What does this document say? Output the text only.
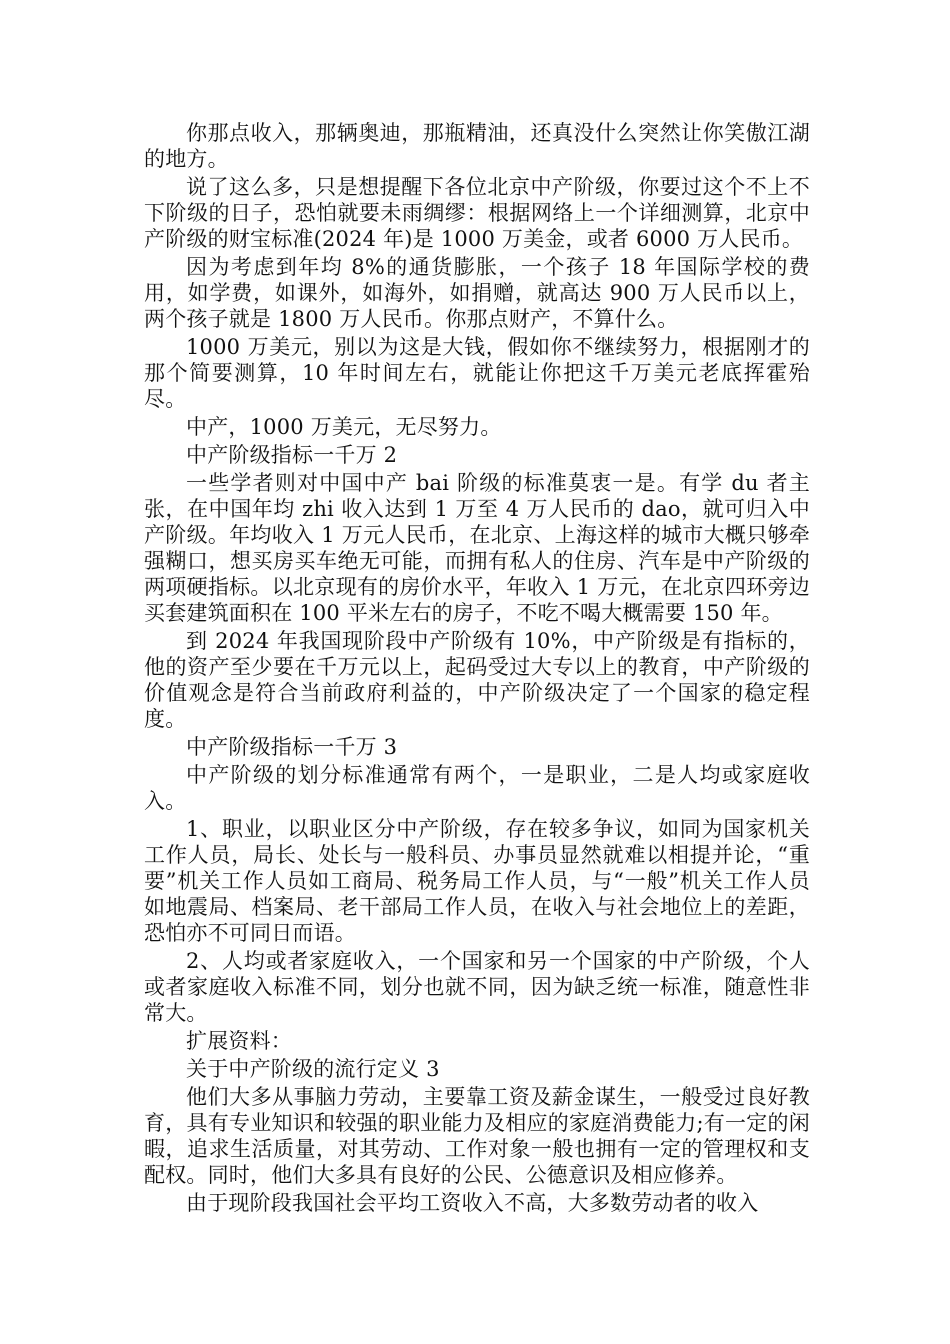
你那点收入，那辆奥迪，那瓶精油，还真没什么突然让你笑傲江湖的地方。

说了这么多，只是想提醒下各位北京中产阶级，你要过这个不上不下阶级的日子，恐怕就要未雨绸缪：根据网络上一个详细测算，北京中产阶级的财宝标准(2024 年)是 1000 万美金，或者 6000 万人民币。

因为考虑到年均 8%的通货膨胀，一个孩子 18 年国际学校的费用，如学费，如课外，如海外，如捐赠，就高达 900 万人民币以上，两个孩子就是 1800 万人民币。你那点财产，不算什么。

1000 万美元，别以为这是大钱，假如你不继续努力，根据刚才的那个简要测算，10 年时间左右，就能让你把这千万美元老底挥霍殆尽。

中产，1000 万美元，无尽努力。

中产阶级指标一千万 2

一些学者则对中国中产 bai 阶级的标准莫衷一是。有学 du 者主张，在中国年均 zhi 收入达到 1 万至 4 万人民币的 dao，就可归入中产阶级。年均收入 1 万元人民币，在北京、上海这样的城市大概只够牵强糊口，想买房买车绝无可能，而拥有私人的住房、汽车是中产阶级的两项硬指标。以北京现有的房价水平，年收入 1 万元，在北京四环旁边买套建筑面积在 100 平米左右的房子，不吃不喝大概需要 150 年。

到 2024 年我国现阶段中产阶级有 10%，中产阶级是有指标的，他的资产至少要在千万元以上，起码受过大专以上的教育，中产阶级的价值观念是符合当前政府利益的，中产阶级决定了一个国家的稳定程度。

中产阶级指标一千万 3

中产阶级的划分标准通常有两个，一是职业，二是人均或家庭收入。

1、职业，以职业区分中产阶级，存在较多争议，如同为国家机关工作人员，局长、处长与一般科员、办事员显然就难以相提并论，“重要”机关工作人员如工商局、税务局工作人员，与“一般”机关工作人员如地震局、档案局、老干部局工作人员，在收入与社会地位上的差距，恐怕亦不可同日而语。

2、人均或者家庭收入，一个国家和另一个国家的中产阶级，个人或者家庭收入标准不同，划分也就不同，因为缺乏统一标准，随意性非常大。

扩展资料：

关于中产阶级的流行定义 3

他们大多从事脑力劳动，主要靠工资及薪金谋生，一般受过良好教育，具有专业知识和较强的职业能力及相应的家庭消费能力;有一定的闲暇，追求生活质量，对其劳动、工作对象一般也拥有一定的管理权和支配权。同时，他们大多具有良好的公民、公德意识及相应修养。

由于现阶段我国社会平均工资收入不高，大多数劳动者的收入
